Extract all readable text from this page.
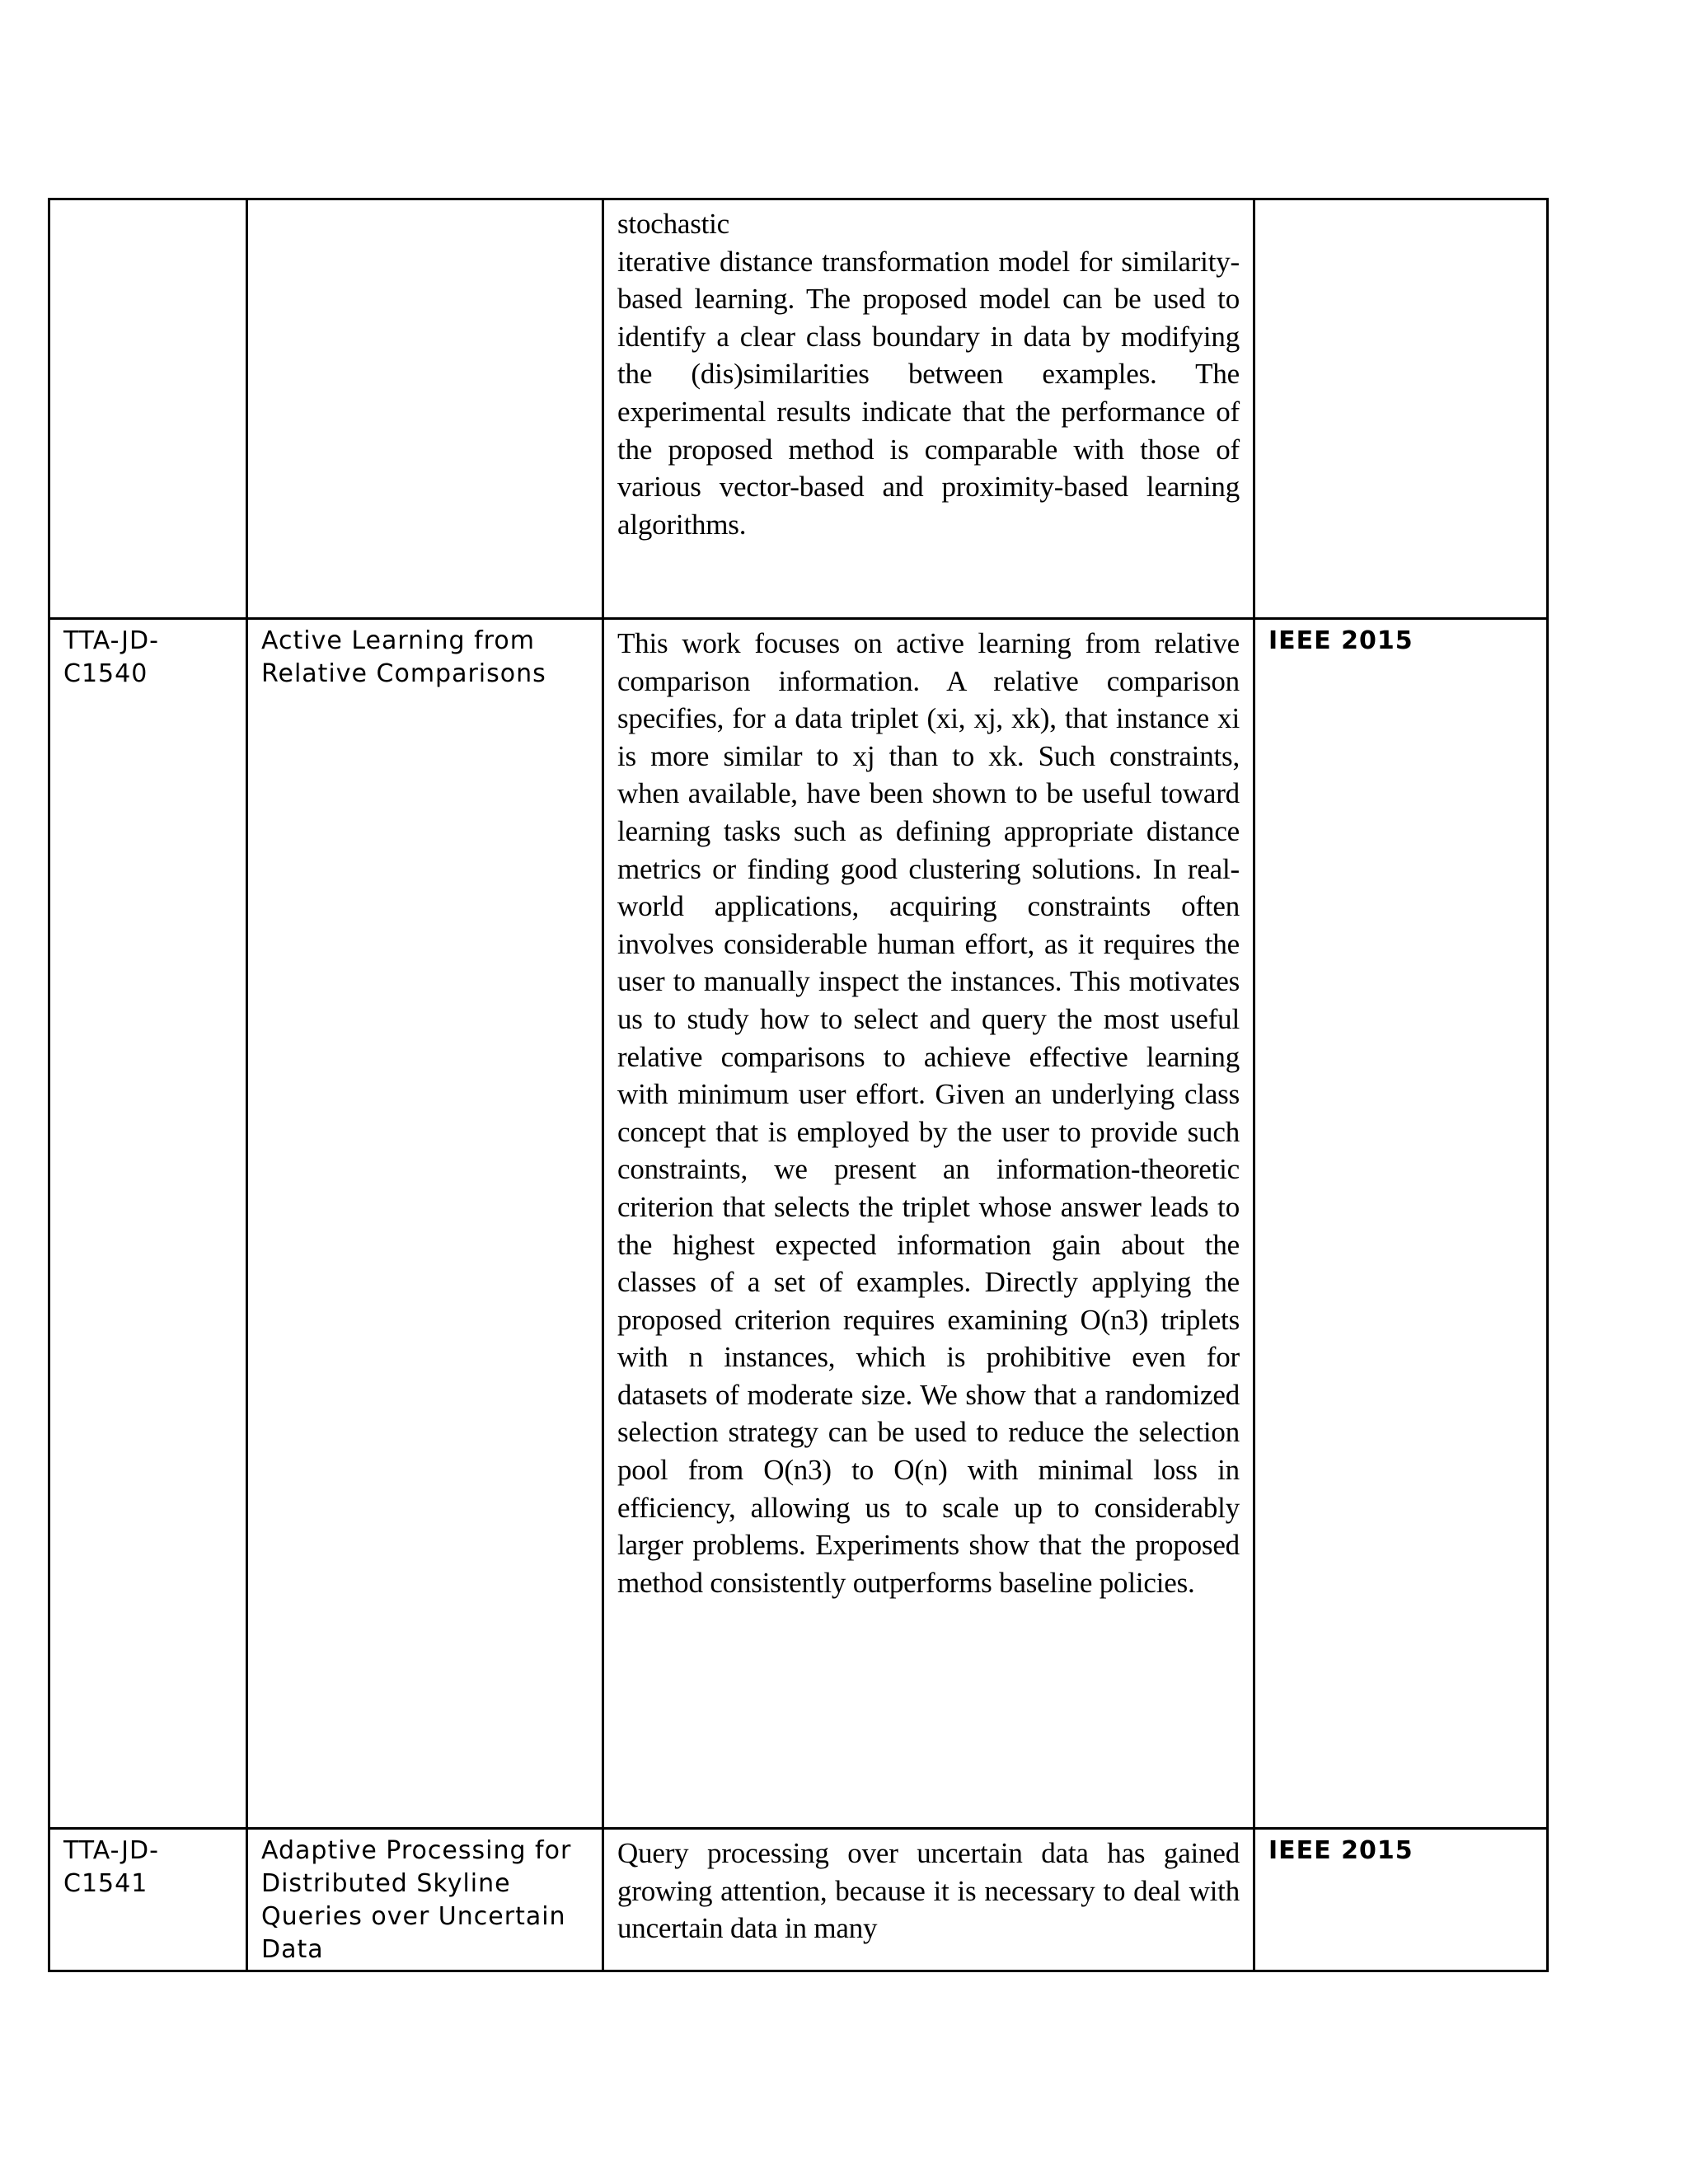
		stochastic

iterative distance transformation model for similarity-based learning. The proposed model can be used to identify a clear class boundary in data by modifying the (dis)similarities between examples. The experimental results indicate that the performance of the proposed method is comparable with those of various vector-based and proximity-based learning algorithms.	

TTA-JD-C1540	Active Learning from Relative Comparisons	This work focuses on active learning from relative comparison information. A relative comparison specifies, for a data triplet (xi, xj, xk), that instance xi is more similar to xj than to xk. Such constraints, when available, have been shown to be useful toward learning tasks such as defining appropriate distance metrics or finding good clustering solutions. In real-world applications, acquiring constraints often involves considerable human effort, as it requires the user to manually inspect the instances. This motivates us to study how to select and query the most useful relative comparisons to achieve effective learning with minimum user effort. Given an underlying class concept that is employed by the user to provide such constraints, we present an information-theoretic criterion that selects the triplet whose answer leads to the highest expected information gain about the classes of a set of examples. Directly applying the proposed criterion requires examining O(n3) triplets with n instances, which is prohibitive even for datasets of moderate size. We show that a randomized selection strategy can be used to reduce the selection pool from O(n3) to O(n) with minimal loss in efficiency, allowing us to scale up to considerably larger problems. Experiments show that the proposed method consistently outperforms baseline policies.	IEEE 2015
TTA-JD-C1541	Adaptive Processing for Distributed Skyline Queries over Uncertain Data	Query processing over uncertain data has gained growing attention, because it is necessary to deal with uncertain data in many	IEEE 2015
